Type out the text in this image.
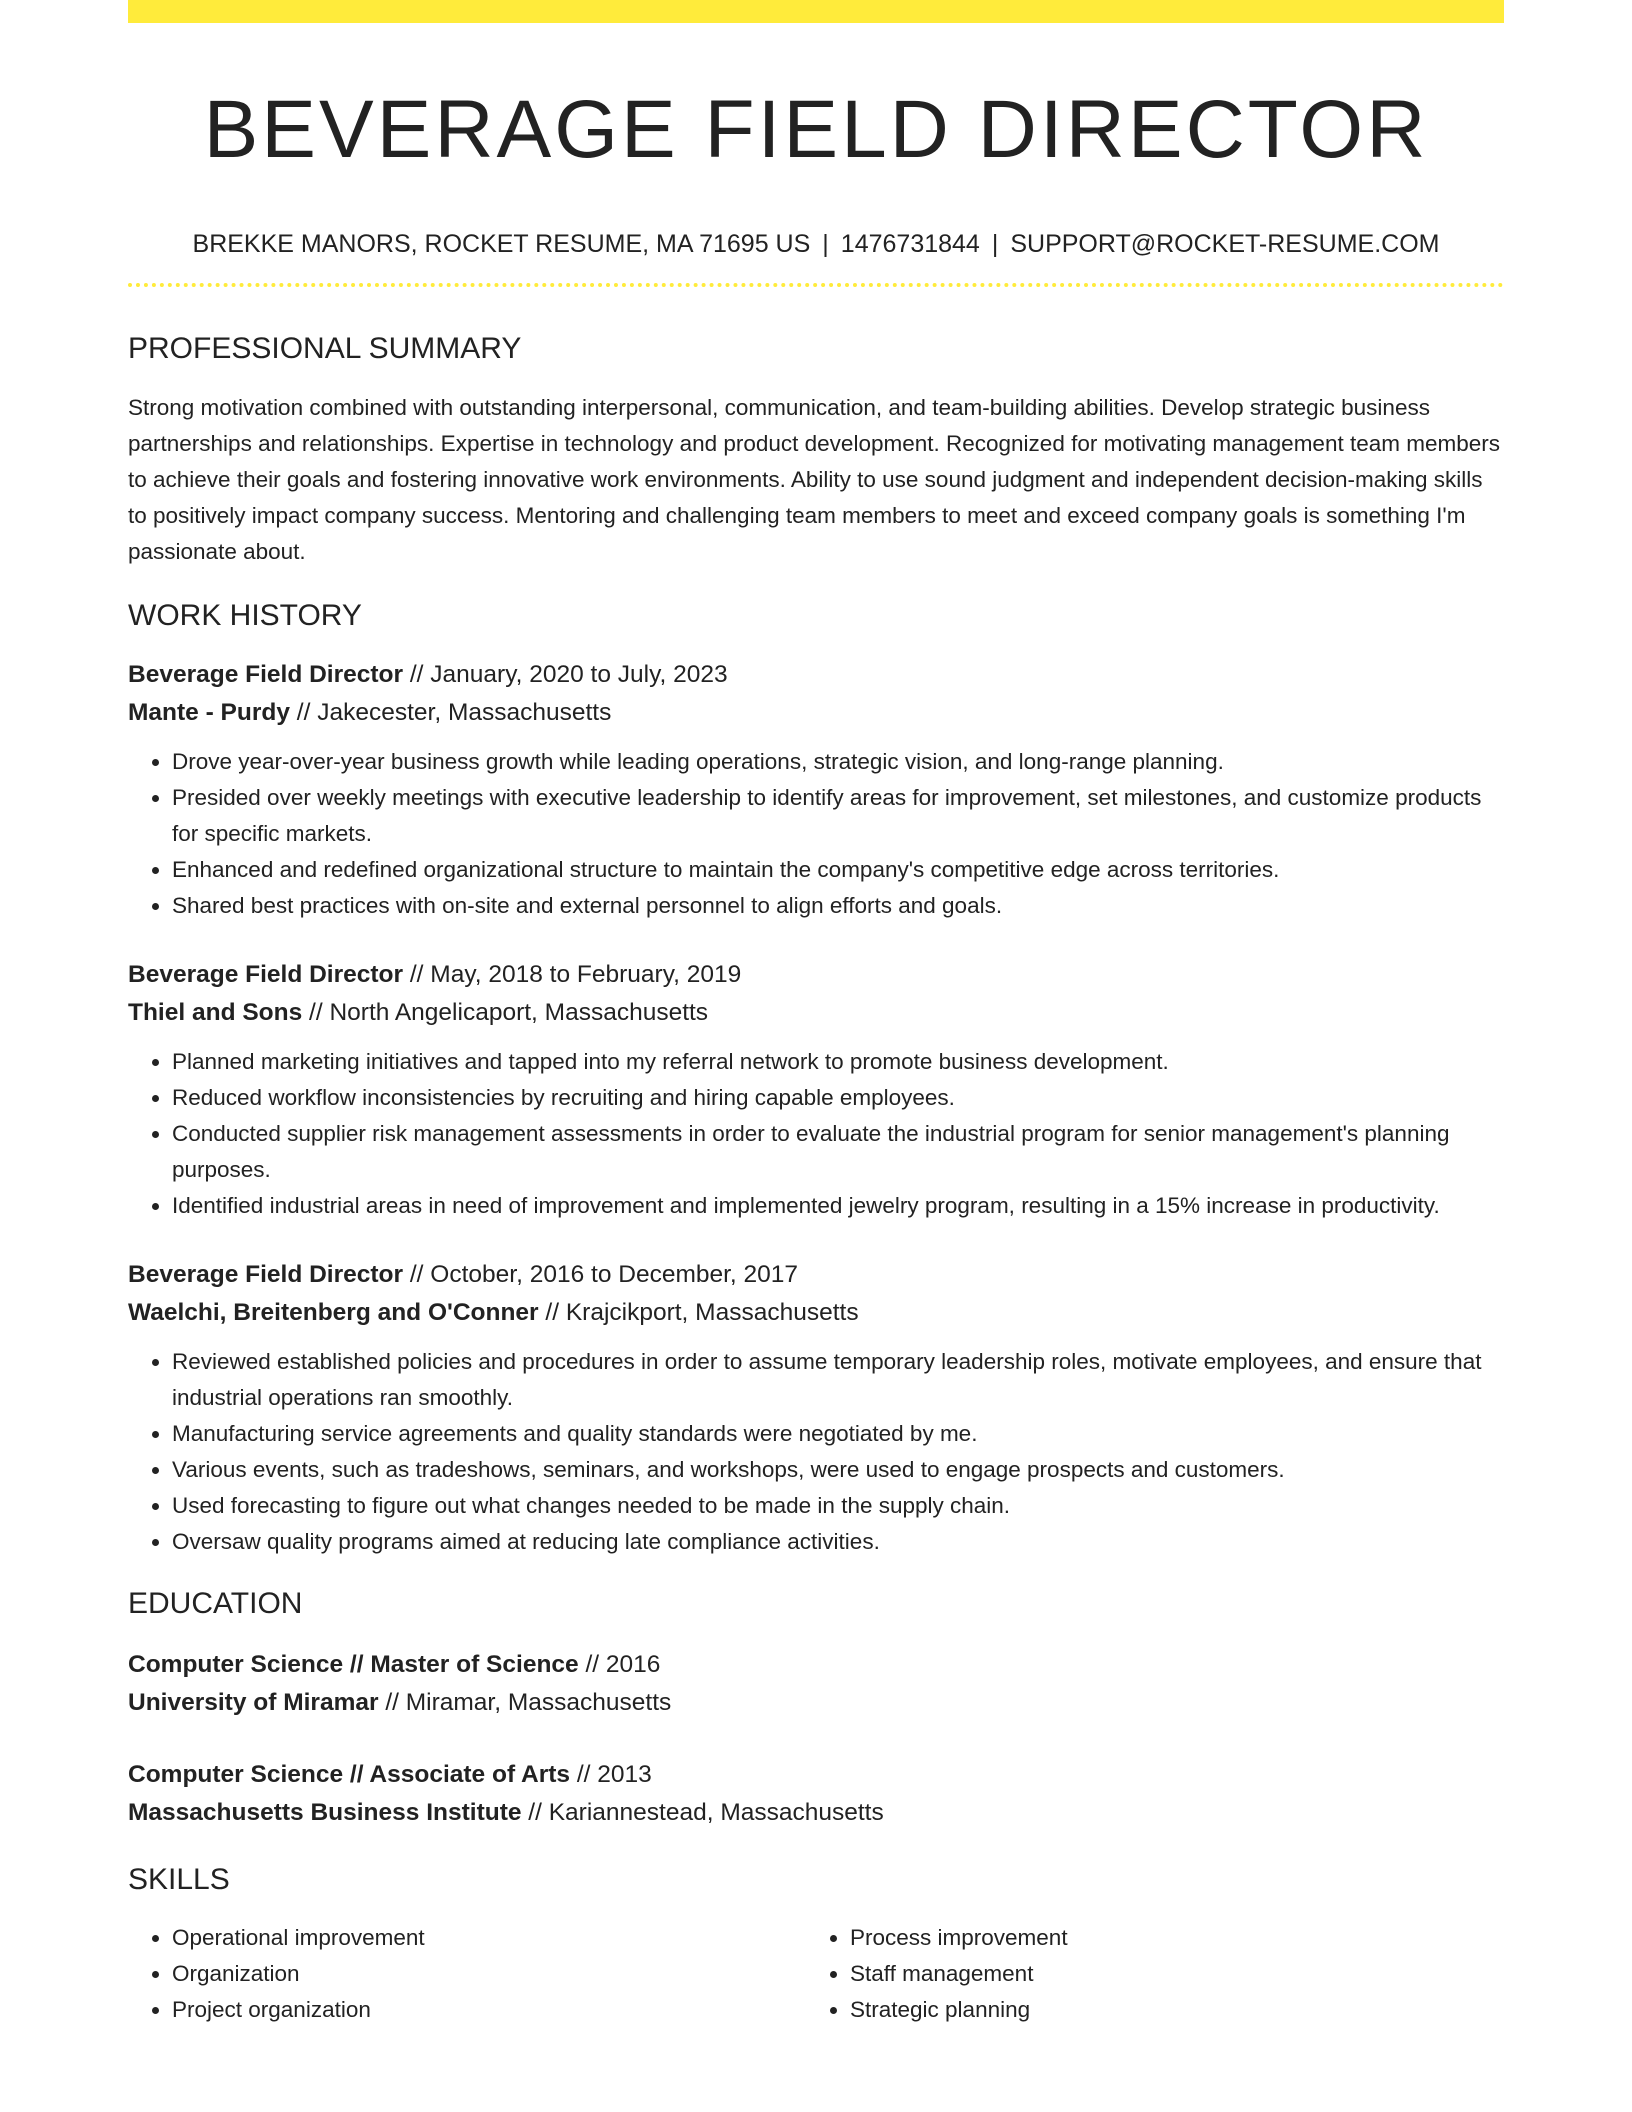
BEVERAGE FIELD DIRECTOR
BREKKE MANORS, ROCKET RESUME, MA 71695 US | 1476731844 | SUPPORT@ROCKET-RESUME.COM
PROFESSIONAL SUMMARY
Strong motivation combined with outstanding interpersonal, communication, and team-building abilities. Develop strategic business partnerships and relationships. Expertise in technology and product development. Recognized for motivating management team members to achieve their goals and fostering innovative work environments. Ability to use sound judgment and independent decision-making skills to positively impact company success. Mentoring and challenging team members to meet and exceed company goals is something I'm passionate about.
WORK HISTORY
Beverage Field Director // January, 2020 to July, 2023
Mante - Purdy // Jakecester, Massachusetts
• Drove year-over-year business growth while leading operations, strategic vision, and long-range planning.
• Presided over weekly meetings with executive leadership to identify areas for improvement, set milestones, and customize products for specific markets.
• Enhanced and redefined organizational structure to maintain the company's competitive edge across territories.
• Shared best practices with on-site and external personnel to align efforts and goals.
Beverage Field Director // May, 2018 to February, 2019
Thiel and Sons // North Angelicaport, Massachusetts
• Planned marketing initiatives and tapped into my referral network to promote business development.
• Reduced workflow inconsistencies by recruiting and hiring capable employees.
• Conducted supplier risk management assessments in order to evaluate the industrial program for senior management's planning purposes.
• Identified industrial areas in need of improvement and implemented jewelry program, resulting in a 15% increase in productivity.
Beverage Field Director // October, 2016 to December, 2017
Waelchi, Breitenberg and O'Conner // Krajcikport, Massachusetts
• Reviewed established policies and procedures in order to assume temporary leadership roles, motivate employees, and ensure that industrial operations ran smoothly.
• Manufacturing service agreements and quality standards were negotiated by me.
• Various events, such as tradeshows, seminars, and workshops, were used to engage prospects and customers.
• Used forecasting to figure out what changes needed to be made in the supply chain.
• Oversaw quality programs aimed at reducing late compliance activities.
EDUCATION
Computer Science // Master of Science // 2016
University of Miramar // Miramar, Massachusetts
Computer Science // Associate of Arts // 2013
Massachusetts Business Institute // Kariannestead, Massachusetts
SKILLS
• Operational improvement
• Organization
• Project organization
• Process improvement
• Staff management
• Strategic planning
